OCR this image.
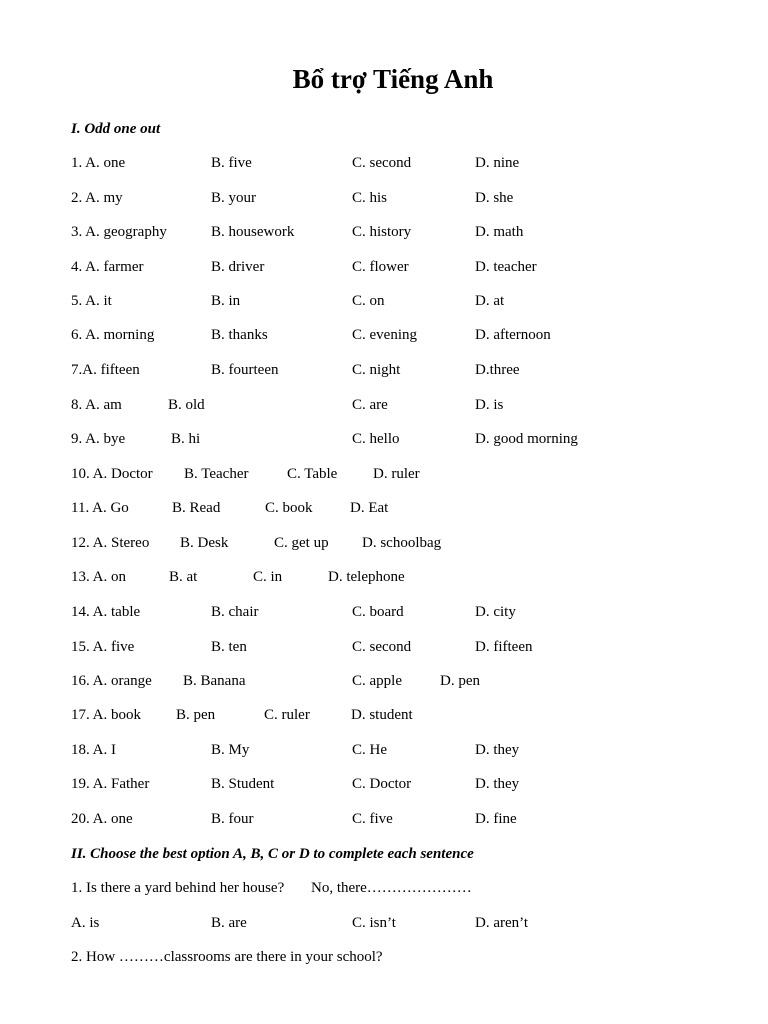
Bổ trợ Tiếng Anh
I. Odd one out
1. A. one	B. five	C. second	D. nine
2. A. my	B. your	C. his	D. she
3. A. geography	B. housework	C. history	D. math
4. A. farmer	B. driver	C. flower	D. teacher
5. A. it	B. in	C. on	D. at
6. A. morning	B. thanks	C. evening	D. afternoon
7.A. fifteen	B. fourteen	C. night	D.three
8. A. am	B. old	C. are	D. is
9. A. bye	B. hi	C. hello	D. good morning
10. A. Doctor B. Teacher	C. Table D. ruler
11. A. Go	B. Read	C. book D. Eat
12. A. Stereo B. Desk	C. get up D. schoolbag
13. A. on	B. at	C. in	D. telephone
14. A. table	B. chair	C. board	D. city
15. A. five	B. ten	C. second	D. fifteen
16. A. orange B. Banana	C. apple	D. pen
17. A. book B. pen	C. ruler	D. student
18. A. I	B. My	C. He	D. they
19. A. Father	B. Student	C. Doctor	D. they
20. A. one	B. four	C. five	D. fine
II. Choose the best option A, B, C or D to complete each sentence
1. Is there a yard behind her house? No, there…………………
A. is	B. are	C. isn’t	D. aren’t
2. How ………classrooms are there in your school?
